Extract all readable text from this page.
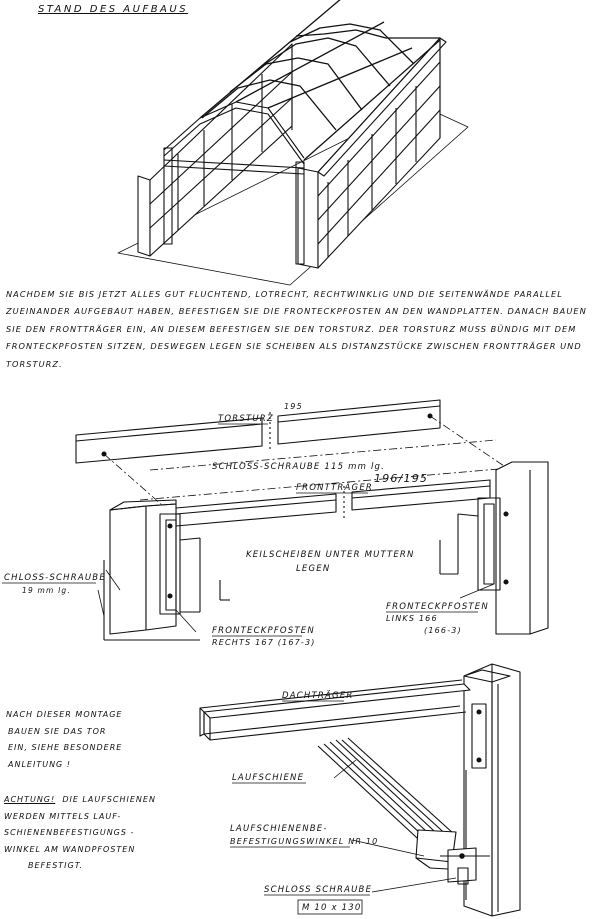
STAND DES AUFBAUS

NACHDEM SIE BIS JETZT ALLES GUT FLUCHTEND, LOTRECHT, RECHTWINKLIG UND DIE SEITENWÄNDE PARALLEL ZUEINANDER AUFGEBAUT HABEN, BEFESTIGEN SIE DIE FRONTECKPFOSTEN AN DEN WANDPLATTEN. DANACH BAUEN SIE DEN FRONTTRÄGER EIN, AN DIESEM BEFESTIGEN SIE DEN TORSTURZ. DER TORSTURZ MUSS BÜNDIG MIT DEM FRONTECKPFOSTEN SITZEN, DESWEGEN LEGEN SIE SCHEIBEN ALS DISTANZSTÜCKE ZWISCHEN FRONTTRÄGER UND TORSTURZ.

TORSTURZ
195
SCHLOSS-SCHRAUBE 115 mm lg.
FRONTTRÄGER
196/195
KEILSCHEIBEN UNTER MUTTERN
LEGEN
CHLOSS-SCHRAUBE
19 mm lg.
FRONTECKPFOSTEN
RECHTS 167 (167-3)
FRONTECKPFOSTEN
LINKS 166
(166-3)

NACH DIESER MONTAGE

BAUEN SIE DAS TOR

EIN, SIEHE BESONDERE

ANLEITUNG !

ACHTUNG! DIE LAUFSCHIENEN

WERDEN MITTELS LAUF-

SCHIENENBEFESTIGUNGS -

WINKEL AM WANDPFOSTEN

BEFESTIGT.

DACHTRÄGER
LAUFSCHIENE
LAUFSCHIENENBE-
BEFESTIGUNGSWINKEL NR 10
SCHLOSS SCHRAUBE
M 10 x 130
